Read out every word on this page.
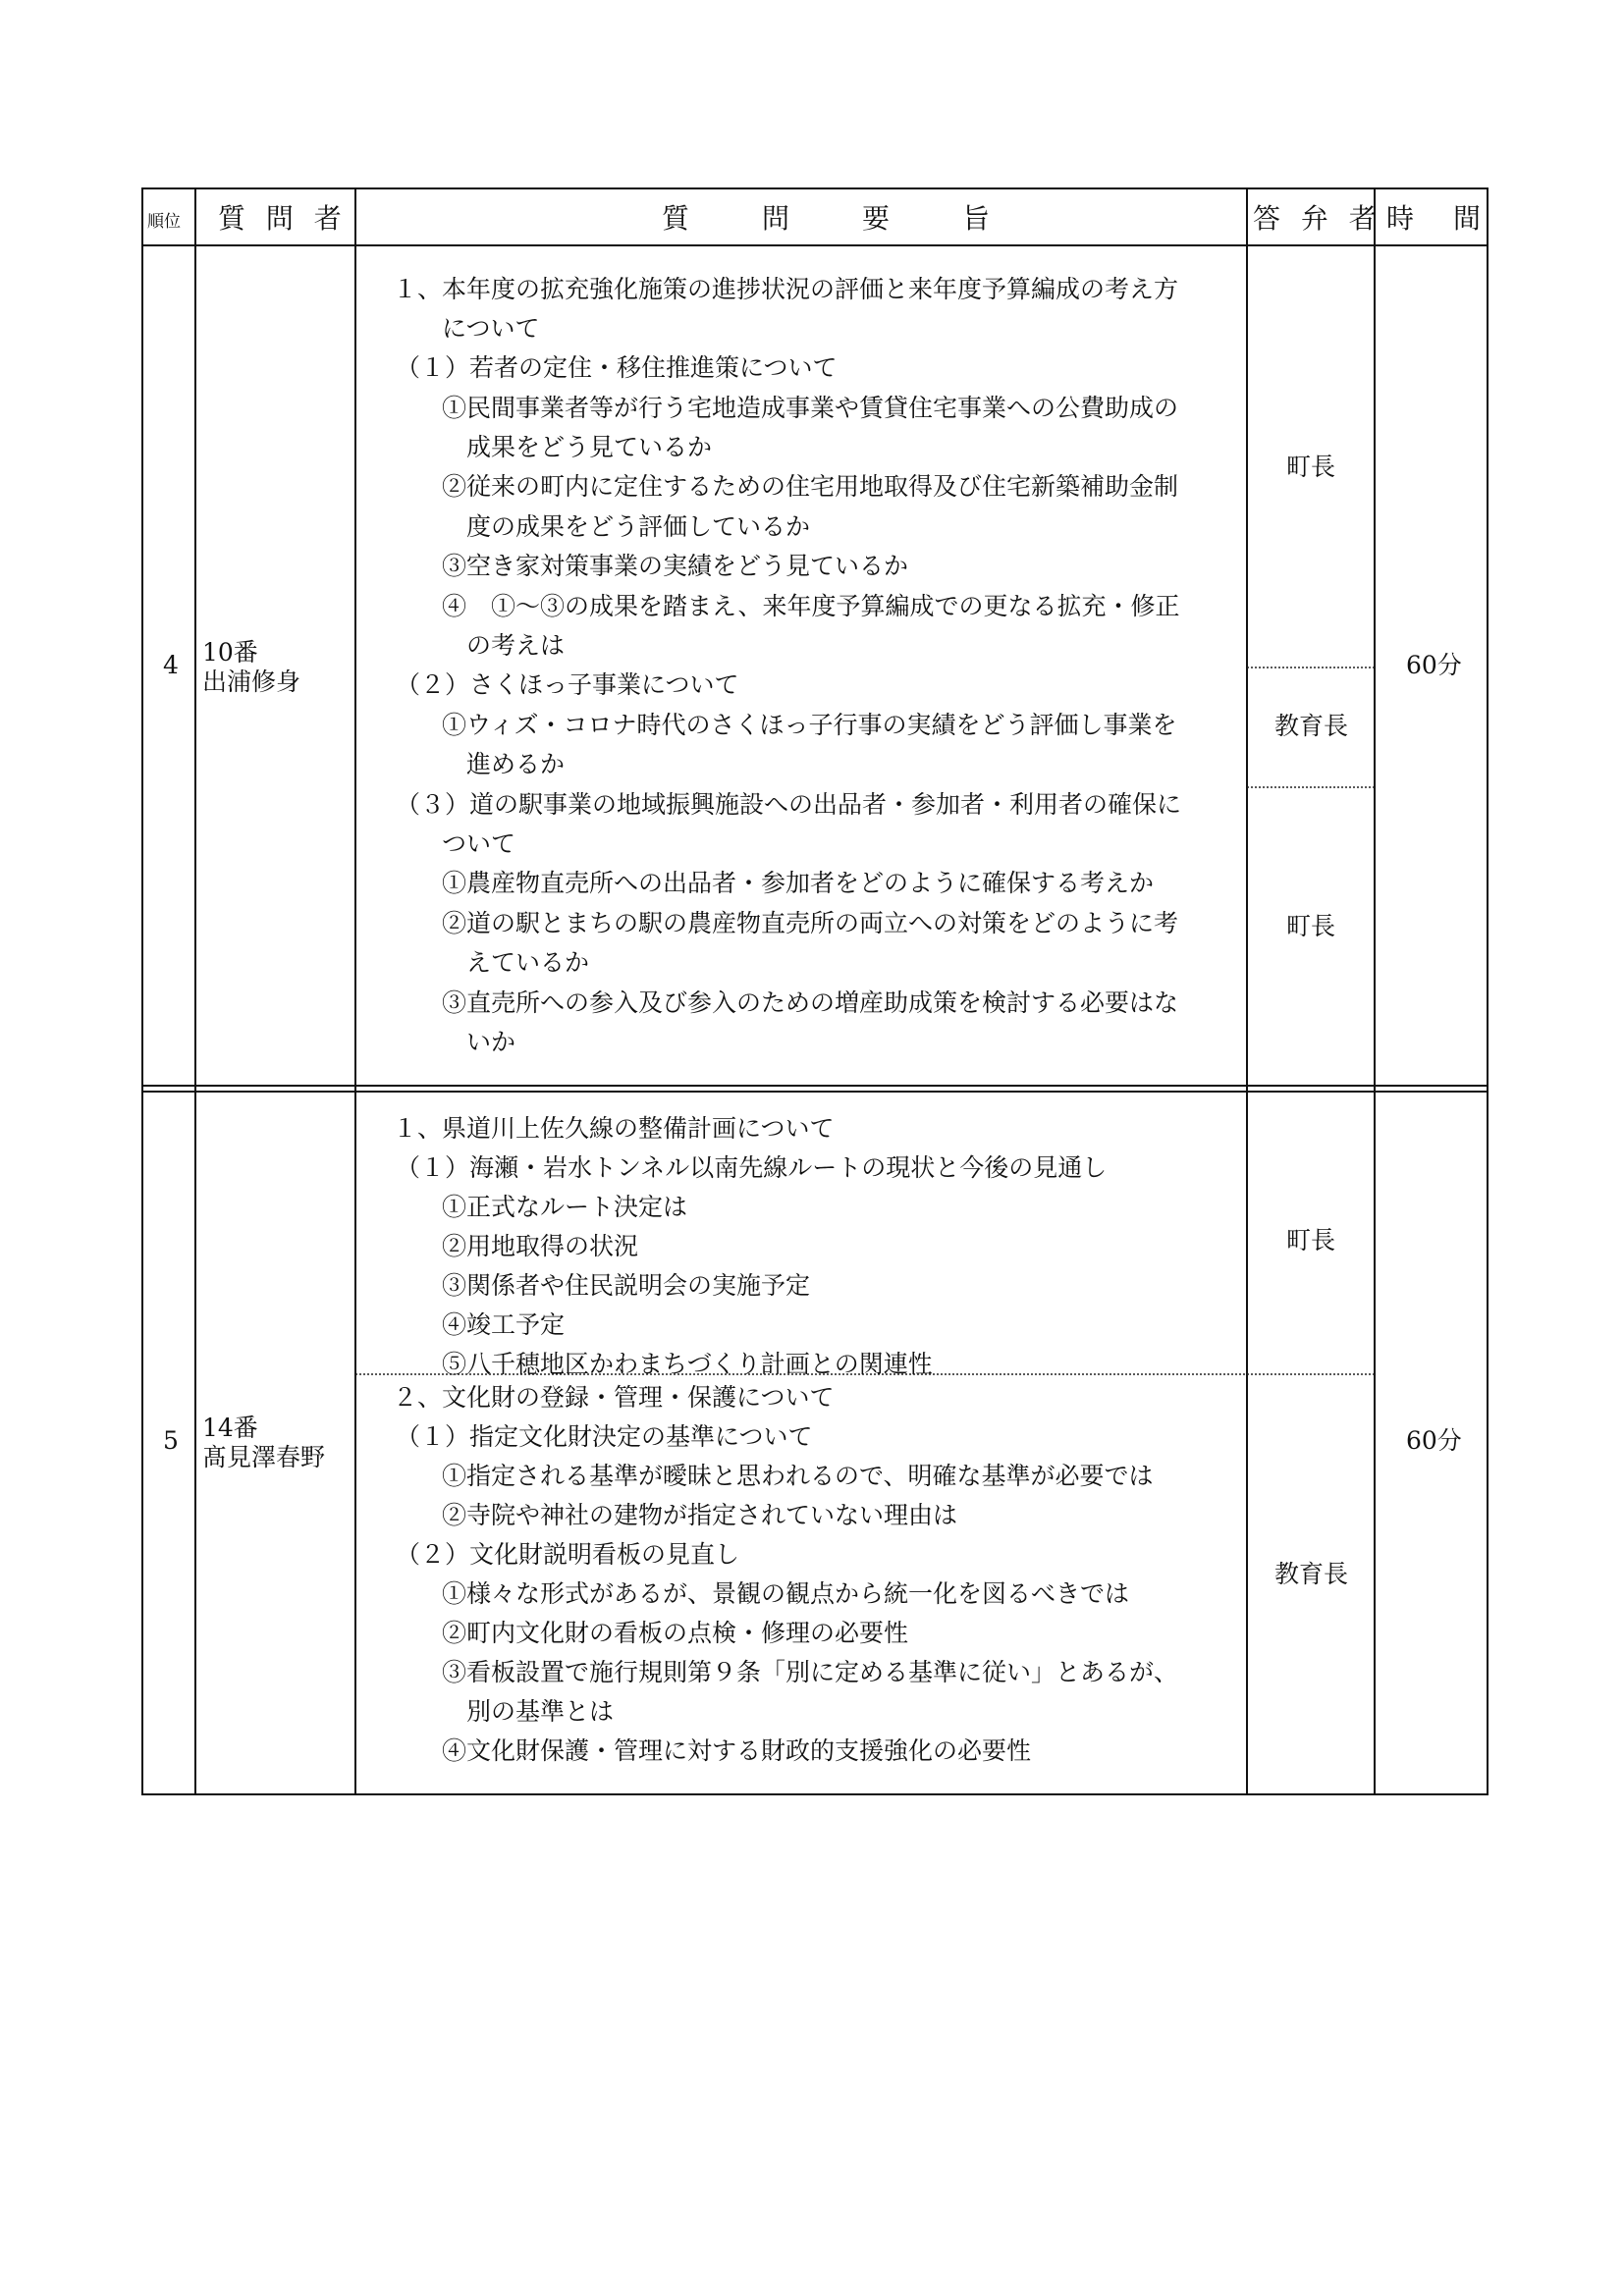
順位 質 問 者	質　　問　　要　　旨	答 弁 者 時　間
4 10番
出浦修身
60分
１、本年度の拡充強化施策の進捗状況の評価と来年度予算編成の考え方
について
（１）若者の定住・移住推進策について
①民間事業者等が行う宅地造成事業や賃貸住宅事業への公費助成の
成果をどう見ているか
②従来の町内に定住するための住宅用地取得及び住宅新築補助金制
度の成果をどう評価しているか
③空き家対策事業の実績をどう見ているか
④　①～③の成果を踏まえ、来年度予算編成での更なる拡充・修正
の考えは
（２）さくほっ子事業について
①ウィズ・コロナ時代のさくほっ子行事の実績をどう評価し事業を
進めるか
（３）道の駅事業の地域振興施設への出品者・参加者・利用者の確保に
ついて
①農産物直売所への出品者・参加者をどのように確保する考えか
②道の駅とまちの駅の農産物直売所の両立への対策をどのように考
えているか
③直売所への参入及び参入のための増産助成策を検討する必要はな
いか
町長
教育長
町長
5 14番
髙見澤春野
60分
１、県道川上佐久線の整備計画について
（１）海瀬・岩水トンネル以南先線ルートの現状と今後の見通し
①正式なルート決定は
②用地取得の状況
③関係者や住民説明会の実施予定
④竣工予定
⑤八千穂地区かわまちづくり計画との関連性
２、文化財の登録・管理・保護について
（１）指定文化財決定の基準について
①指定される基準が曖昧と思われるので、明確な基準が必要では
②寺院や神社の建物が指定されていない理由は
（２）文化財説明看板の見直し
①様々な形式があるが、景観の観点から統一化を図るべきでは
②町内文化財の看板の点検・修理の必要性
③看板設置で施行規則第９条「別に定める基準に従い」とあるが、
別の基準とは
④文化財保護・管理に対する財政的支援強化の必要性
町長
教育長
